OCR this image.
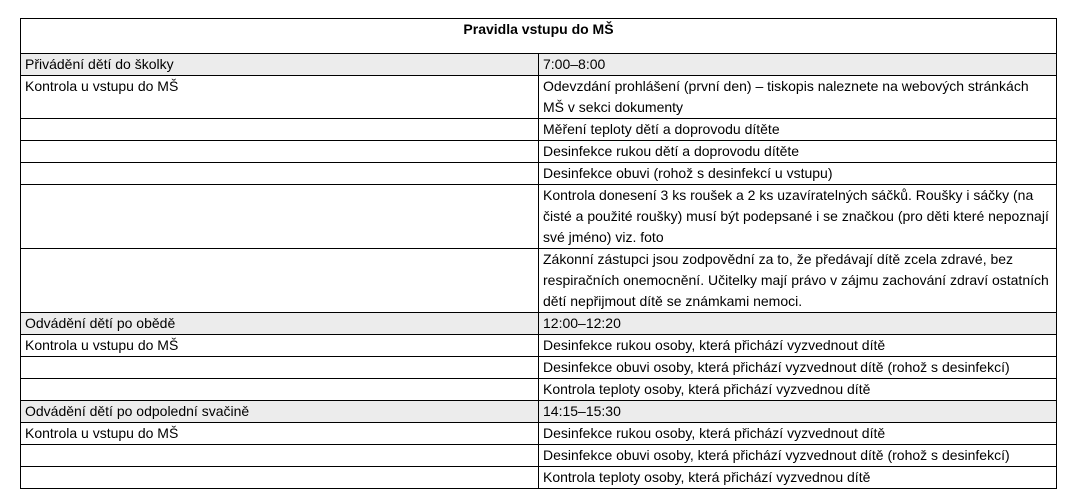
Pravidla vstupu do MŠ	
Přivádění dětí do školky	7:00–8:00
Kontrola u vstupu do MŠ	Odevzdání prohlášení (první den) – tiskopis naleznete na webových stránkách MŠ v sekci dokumenty
	Měření teploty dětí a doprovodu dítěte
	Desinfekce rukou dětí a doprovodu dítěte
	Desinfekce obuvi (rohož s desinfekcí u vstupu)
	Kontrola donesení 3 ks roušek a 2 ks uzavíratelných sáčků. Roušky i sáčky (na čisté a použité roušky) musí být podepsané i se značkou (pro děti které nepoznají své jméno) viz. foto
	Zákonní zástupci jsou zodpovědní za to, že předávají dítě zcela zdravé, bez respiračních onemocnění. Učitelky mají právo v zájmu zachování zdraví ostatních dětí nepřijmout dítě se známkami nemoci.
Odvádění dětí po obědě	12:00–12:20
Kontrola u vstupu do MŠ	Desinfekce rukou osoby, která přichází vyzvednout dítě
	Desinfekce obuvi osoby, která přichází vyzvednout dítě (rohož s desinfekcí)
	Kontrola teploty osoby, která přichází vyzvednou dítě
Odvádění dětí po odpolední svačině	14:15–15:30
Kontrola u vstupu do MŠ	Desinfekce rukou osoby, která přichází vyzvednout dítě
	Desinfekce obuvi osoby, která přichází vyzvednout dítě (rohož s desinfekcí)
	Kontrola teploty osoby, která přichází vyzvednou dítě
